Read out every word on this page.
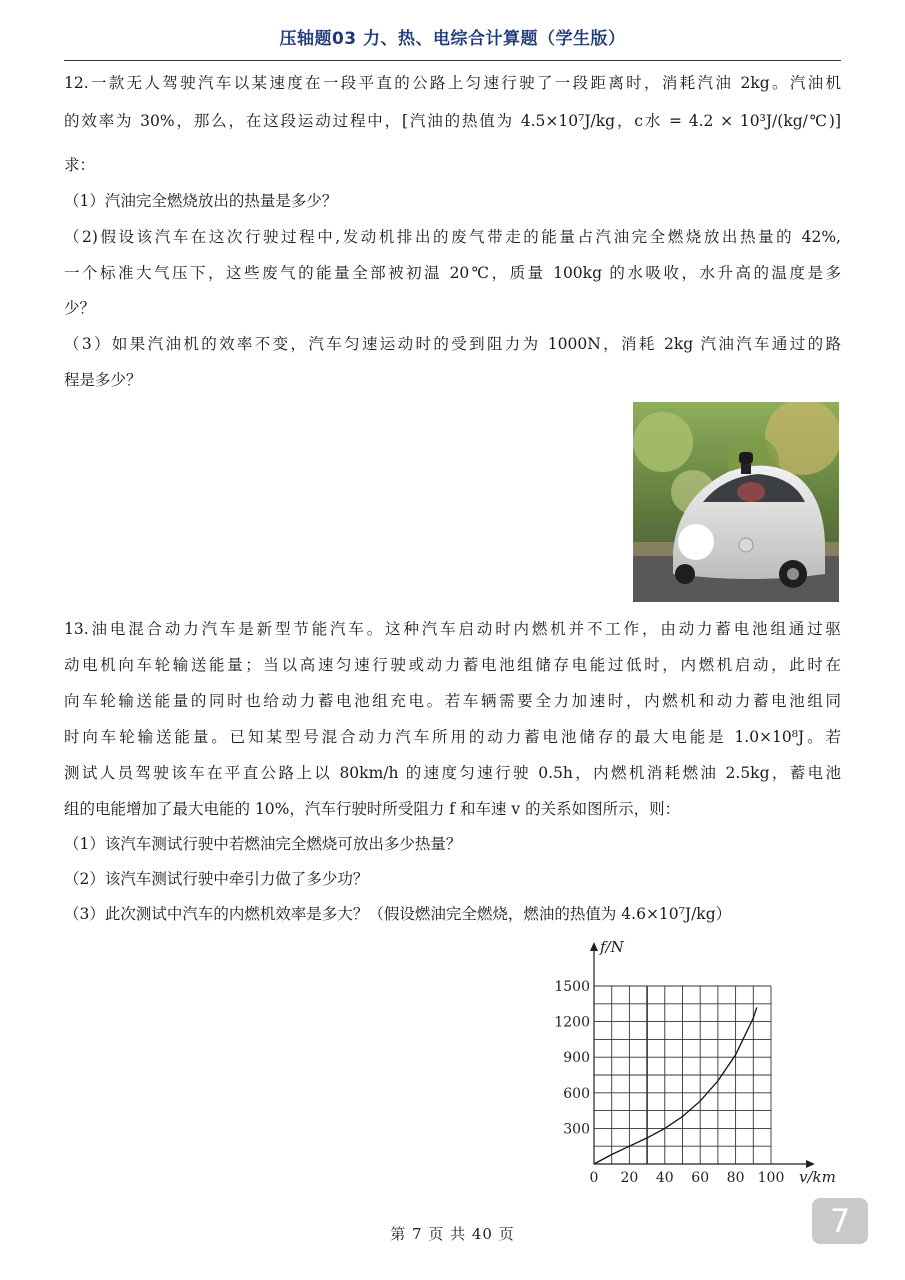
压轴题03 力、热、电综合计算题（学生版）
12.一款无人驾驶汽车以某速度在一段平直的公路上匀速行驶了一段距离时，消耗汽油 2kg。汽油机
的效率为 30%，那么，在这段运动过程中，[汽油的热值为 4.5×10⁷J/kg，c水 = 4.2 × 10³J/(kg/℃)]
求：
（1）汽油完全燃烧放出的热量是多少？
（2)假设该汽车在这次行驶过程中,发动机排出的废气带走的能量占汽油完全燃烧放出热量的 42%,
一个标准大气压下，这些废气的能量全部被初温 20℃，质量 100kg 的水吸收，水升高的温度是多
少？
（3）如果汽油机的效率不变，汽车匀速运动时的受到阻力为 1000N，消耗 2kg 汽油汽车通过的路
程是多少？
13.油电混合动力汽车是新型节能汽车。这种汽车启动时内燃机并不工作，由动力蓄电池组通过驱
动电机向车轮输送能量；当以高速匀速行驶或动力蓄电池组储存电能过低时，内燃机启动，此时在
向车轮输送能量的同时也给动力蓄电池组充电。若车辆需要全力加速时，内燃机和动力蓄电池组同
时向车轮输送能量。已知某型号混合动力汽车所用的动力蓄电池储存的最大电能是 1.0×10⁸J。若
测试人员驾驶该车在平直公路上以 80km/h 的速度匀速行驶 0.5h，内燃机消耗燃油 2.5kg，蓄电池
组的电能增加了最大电能的 10%，汽车行驶时所受阻力 f 和车速 v 的关系如图所示，则：
（1）该汽车测试行驶中若燃油完全燃烧可放出多少热量？
（2）该汽车测试行驶中牵引力做了多少功？
（3）此次测试中汽车的内燃机效率是多大？（假设燃油完全燃烧，燃油的热值为 4.6×10⁷J/kg）
0 20 40 60 80 100
300
600
900
1200
1500
f/N
v/km
第 7 页 共 40 页	7
